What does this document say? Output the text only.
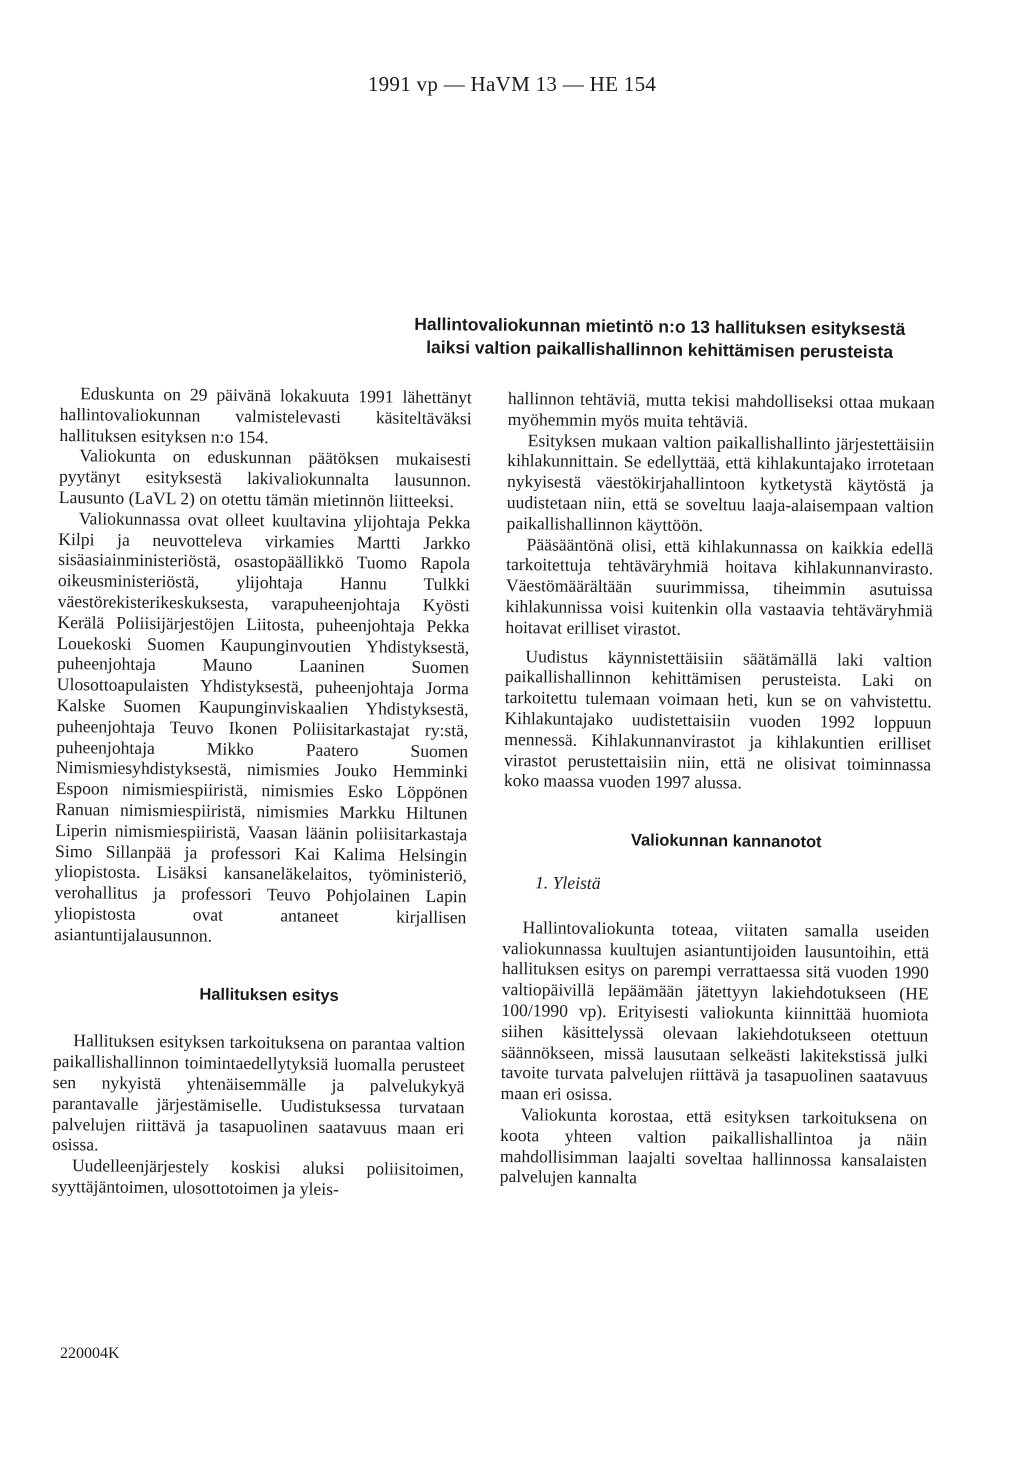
1991 vp — HaVM 13 — HE 154
Hallintovaliokunnan mietintö n:o 13 hallituksen esityksestä
laiksi valtion paikallishallinnon kehittämisen perusteista

Eduskunta on 29 päivänä lokakuuta 1991 lähettänyt hallintovaliokunnan valmistelevasti käsiteltäväksi hallituksen esityksen n:o 154.

Valiokunta on eduskunnan päätöksen mukaisesti pyytänyt esityksestä lakivaliokunnalta lausunnon. Lausunto (LaVL 2) on otettu tämän mietinnön liitteeksi.

Valiokunnassa ovat olleet kuultavina ylijohtaja Pekka Kilpi ja neuvotteleva virkamies Martti Jarkko sisäasiainministeriöstä, osastopäällikkö Tuomo Rapola oikeusministeriöstä, ylijohtaja Hannu Tulkki väestörekisterikeskuksesta, varapuheenjohtaja Kyösti Kerälä Poliisijärjestöjen Liitosta, puheenjohtaja Pekka Louekoski Suomen Kaupunginvoutien Yhdistyksestä, puheenjohtaja Mauno Laaninen Suomen Ulosottoapulaisten Yhdistyksestä, puheenjohtaja Jorma Kalske Suomen Kaupunginviskaalien Yhdistyksestä, puheenjohtaja Teuvo Ikonen Poliisitarkastajat ry:stä, puheenjohtaja Mikko Paatero Suomen Nimismiesyhdistyksestä, nimismies Jouko Hemminki Espoon nimismiespiiristä, nimismies Esko Löppönen Ranuan nimismiespiiristä, nimismies Markku Hiltunen Liperin nimismiespiiristä, Vaasan läänin poliisitarkastaja Simo Sillanpää ja professori Kai Kalima Helsingin yliopistosta. Lisäksi kansaneläkelaitos, työministeriö, verohallitus ja professori Teuvo Pohjolainen Lapin yliopistosta ovat antaneet kirjallisen asiantuntijalausunnon.

Hallituksen esitys

Hallituksen esityksen tarkoituksena on parantaa valtion paikallishallinnon toimintaedellytyksiä luomalla perusteet sen nykyistä yhtenäisemmälle ja palvelukykyä parantavalle järjestämiselle. Uudistuksessa turvataan palvelujen riittävä ja tasapuolinen saatavuus maan eri osissa.

Uudelleenjärjestely koskisi aluksi poliisitoimen, syyttäjäntoimen, ulosottotoimen ja yleis-

hallinnon tehtäviä, mutta tekisi mahdolliseksi ottaa mukaan myöhemmin myös muita tehtäviä.

Esityksen mukaan valtion paikallishallinto järjestettäisiin kihlakunnittain. Se edellyttää, että kihlakuntajako irrotetaan nykyisestä väestökirjahallintoon kytketystä käytöstä ja uudistetaan niin, että se soveltuu laaja-alaisempaan valtion paikallishallinnon käyttöön.

Pääsääntönä olisi, että kihlakunnassa on kaikkia edellä tarkoitettuja tehtäväryhmiä hoitava kihlakunnanvirasto. Väestömäärältään suurimmissa, tiheimmin asutuissa kihlakunnissa voisi kuitenkin olla vastaavia tehtäväryhmiä hoitavat erilliset virastot.

Uudistus käynnistettäisiin säätämällä laki valtion paikallishallinnon kehittämisen perusteista. Laki on tarkoitettu tulemaan voimaan heti, kun se on vahvistettu. Kihlakuntajako uudistettaisiin vuoden 1992 loppuun mennessä. Kihlakunnanvirastot ja kihlakuntien erilliset virastot perustettaisiin niin, että ne olisivat toiminnassa koko maassa vuoden 1997 alussa.

Valiokunnan kannanotot

1. Yleistä

Hallintovaliokunta toteaa, viitaten samalla useiden valiokunnassa kuultujen asiantuntijoiden lausuntoihin, että hallituksen esitys on parempi verrattaessa sitä vuoden 1990 valtiopäivillä lepäämään jätettyyn lakiehdotukseen (HE 100/1990 vp). Erityisesti valiokunta kiinnittää huomiota siihen käsittelyssä olevaan lakiehdotukseen otettuun säännökseen, missä lausutaan selkeästi lakitekstissä julki tavoite turvata palvelujen riittävä ja tasapuolinen saatavuus maan eri osissa.

Valiokunta korostaa, että esityksen tarkoituksena on koota yhteen valtion paikallishallintoa ja näin mahdollisimman laajalti soveltaa hallinnossa kansalaisten palvelujen kannalta

220004K
